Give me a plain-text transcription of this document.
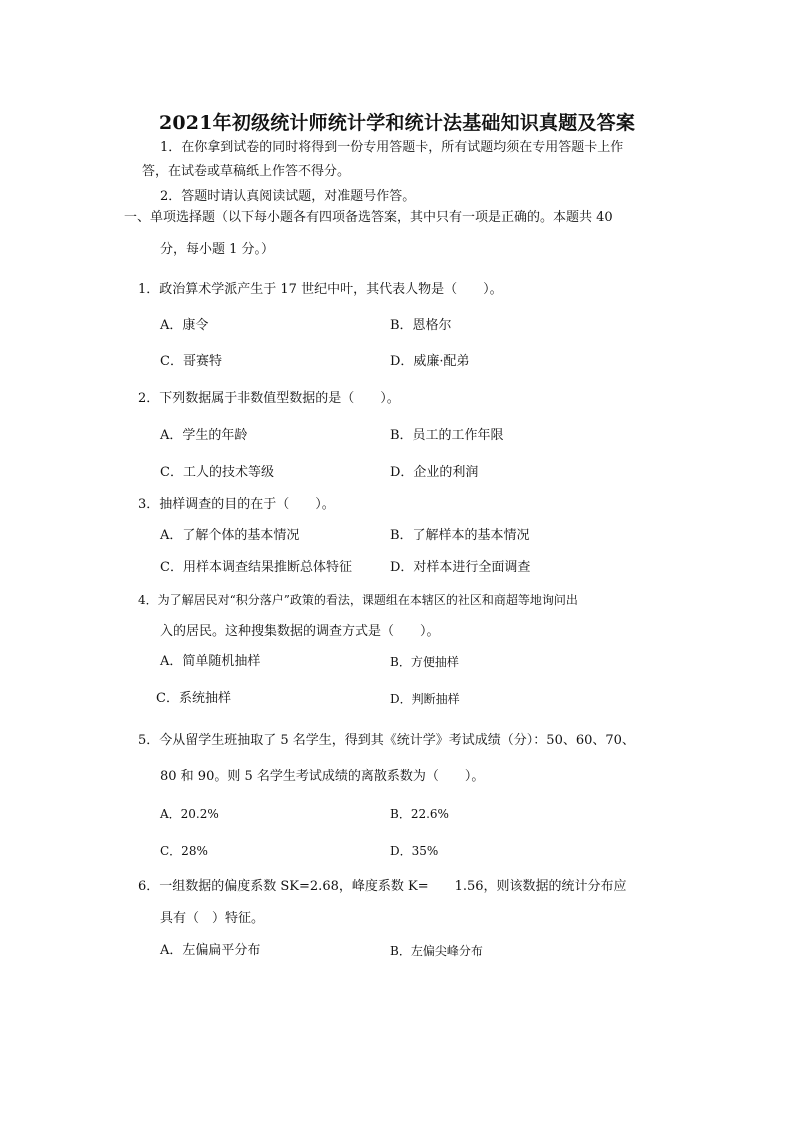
2021年初级统计师统计学和统计法基础知识真题及答案
1．在你拿到试卷的同时将得到一份专用答题卡，所有试题均须在专用答题卡上作
答，在试卷或草稿纸上作答不得分。
2．答题时请认真阅读试题，对准题号作答。
一、单项选择题（以下每小题各有四项备选答案，其中只有一项是正确的。本题共 40
分，每小题 1 分。）
1．政治算术学派产生于 17 世纪中叶，其代表人物是（　　）。
A．康令	B．恩格尔
C．哥赛特	D．威廉·配弟
2．下列数据属于非数值型数据的是（　　）。
A．学生的年龄	B．员工的工作年限
C．工人的技术等级	D．企业的利润
3．抽样调查的目的在于（　　）。
A．了解个体的基本情况	B．了解样本的基本情况
C．用样本调查结果推断总体特征	D．对样本进行全面调查
4．为了解居民对“积分落户”政策的看法，课题组在本辖区的社区和商超等地询问出
入的居民。这种搜集数据的调查方式是（　　）。
A．简单随机抽样	B．方便抽样
C．系统抽样	D．判断抽样
5．今从留学生班抽取了 5 名学生，得到其《统计学》考试成绩（分）：50、60、70、
80 和 90。则 5 名学生考试成绩的离散系数为（　　）。
A．20.2%	B．22.6%
C．28%	D．35%
6．一组数据的偏度系数 SK=2.68，峰度系数 K=　　1.56，则该数据的统计分布应
具有（　）特征。
A．左偏扁平分布	B．左偏尖峰分布
